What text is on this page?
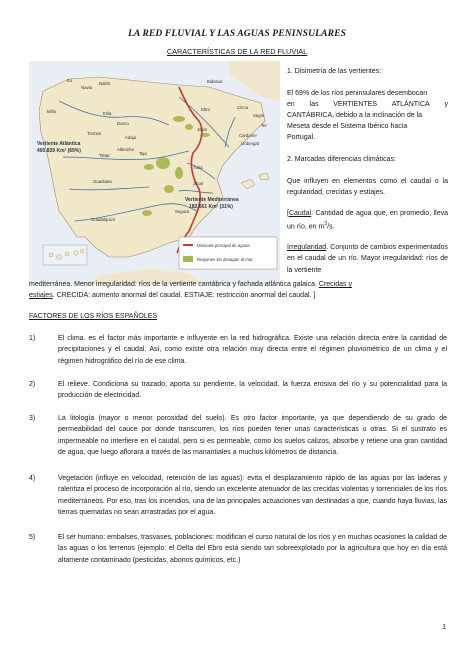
LA RED FLUVIAL Y LAS AGUAS PENINSULARES
CARACTERÍSTICAS DE LA RED FLUVIAL
Eo
Navia
Nalón	Bidasoa
Miño	Esla
Ebro	Cinca
Segre
Duero	Ter
Tormes
Adaja
Jalón
Cardoner
Llobregat
Alberche
Tajo
Turia
Tiétar
Guadiana	Júcar
Segura
Guadalquivir
Vertiente Atlántica
400.839 Km² (69%)
Vertiente Mediterránea
182.661 Km² (31%)
Divisoria principal de aguas.
Regiones sin desagüe al mar.
1. Disimetría de las vertientes:
El 69% de los ríos peninsulares desembocan
en las VERTIENTES ATLÁNTICA y
CANTÁBRICA, debido a la inclinación de la
Meseta desde el Sistema Ibérico hacia
Portugal.
2. Marcadas diferencias climáticas:
Que influyen en elementos como el caudal o la regularidad, crecidas y estiajes.
[Caudal. Cantidad de agua que, en promedio, lleva un río, en $m^3/s$.
Irregularidad. Conjunto de cambios experimentados en el caudal de un río. Mayor irregularidad: ríos de la vertiente
mediterránea. Menor irregularidad: ríos de la vertiente cantábrica y fachada atlántica galaica. Crecidas y
estiajes. CRECIDA: aumento anormal del caudal. ESTIAJE: restricción anormal del caudal. ]
FACTORES DE LOS RÍOS ESPAÑOLES
1)	El clima. es el factor más importante e influyente en la red hidrográfica. Existe una relación directa entre la cantidad de precipitaciones y el caudal. Así, como existe otra relación muy directa entre el régimen pluviométrico de un clima y el régimen hidrográfico del río de ese clima.
2)	El relieve. Condiciona su trazado, aporta su pendiente, la velocidad, la fuerza erosiva del río y su potencialidad para la producción de electricidad.
3)	La litología (mayor o menor porosidad del suelo). Es otro factor importante, ya que dependiendo de su grado de permeabilidad del cauce por donde transcurren, los ríos pueden tener unas características u otras. Si el sustrato es impermeable no interfiere en el caudal, pero si es permeable, como los suelos calizos, absorbe y retiene una gran cantidad de agua, que luego aflorara a través de las manantiales a muchos kilómetros de distancia.
4)	Vegetación (influye en velocidad, retención de las aguas): evita el desplazamiento rápido de las aguas por las laderas y ralentiza el proceso de incorporación al río, siendo un excelente atenuador de las crecidas violentas y torrenciales de los ríos mediterráneos. Por eso, tras los incendios, una de las principales actuaciones van destinadas a que, cuando haya lluvias, las tierras quemadas no sean arrastradas por el agua.
5)	El ser humano: embalses, trasvases, poblaciones: modifican el curso natural de los ríos y en muchas ocasiones la calidad de las aguas o los terrenos (ejemplo: el Delta del Ebro está siendo tan sobreexplotado por la agricultura que hoy en día está altamente contaminado (pesticidas, abonos químicos, etc.)
1
